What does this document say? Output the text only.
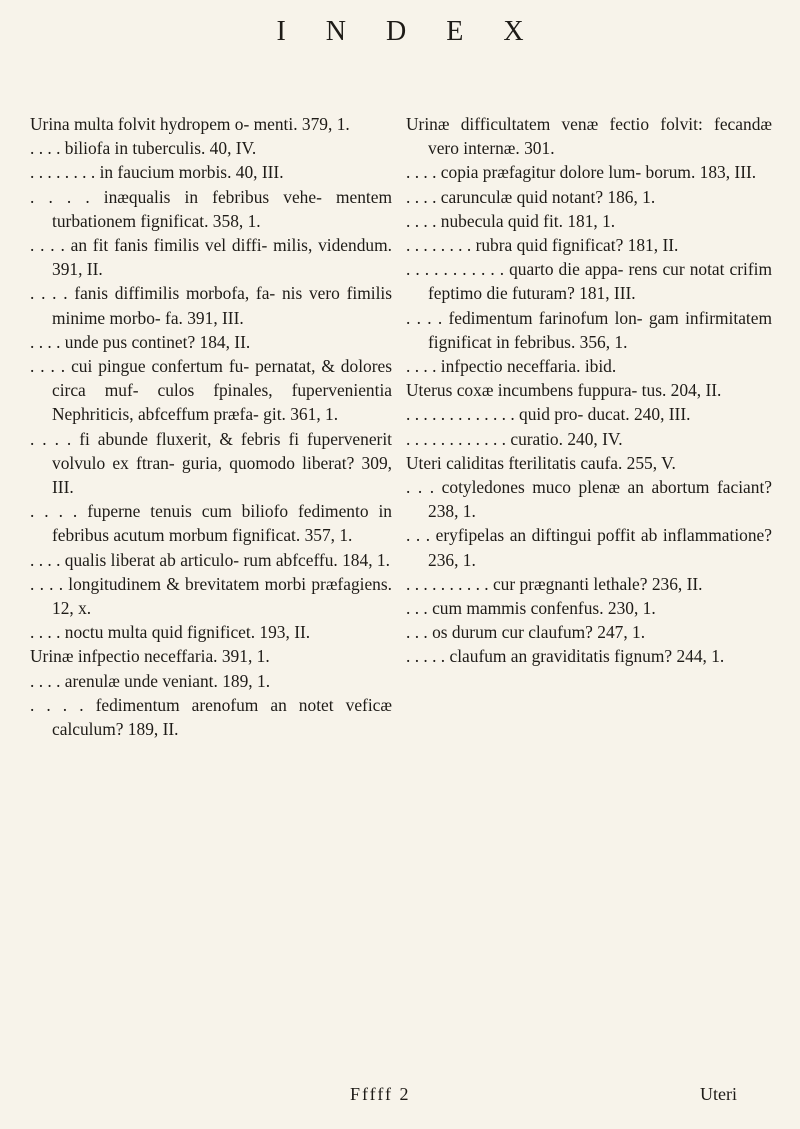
INDEX

Urina multa folvit hydropem o- menti. 379, 1.

. . . . biliofa in tuberculis. 40, IV.

. . . . . . . . in faucium morbis. 40, III.

. . . . inæqualis in febribus vehe- mentem turbationem fignificat. 358, 1.

. . . . an fit fanis fimilis vel diffi- milis, videndum. 391, II.

. . . . fanis diffimilis morbofa, fa- nis vero fimilis minime morbo- fa. 391, III.

. . . . unde pus continet? 184, II.

. . . . cui pingue confertum fu- pernatat, & dolores circa muf- culos fpinales, fupervenientia Nephriticis, abfceffum præfa- git. 361, 1.

. . . . fi abunde fluxerit, & febris fi fupervenerit volvulo ex ftran- guria, quomodo liberat? 309, III.

. . . . fuperne tenuis cum biliofo fedimento in febribus acutum morbum fignificat. 357, 1.

. . . . qualis liberat ab articulo- rum abfceffu. 184, 1.

. . . . longitudinem & brevitatem morbi præfagiens. 12, x.

. . . . noctu multa quid fignificet. 193, II.

Urinæ infpectio neceffaria. 391, 1.

. . . . arenulæ unde veniant. 189, 1.

. . . . fedimentum arenofum an notet veficæ calculum? 189, II.

Urinæ difficultatem venæ fectio folvit: fecandæ vero internæ. 301.

. . . . copia præfagitur dolore lum- borum. 183, III.

. . . . carunculæ quid notant? 186, 1.

. . . . nubecula quid fit. 181, 1.

. . . . . . . . rubra quid fignificat? 181, II.

. . . . . . . . . . . quarto die appa- rens cur notat crifim feptimo die futuram? 181, III.

. . . . fedimentum farinofum lon- gam infirmitatem fignificat in febribus. 356, 1.

. . . . infpectio neceffaria. ibid.

Uterus coxæ incumbens fuppura- tus. 204, II.

. . . . . . . . . . . . . quid pro- ducat. 240, III.

. . . . . . . . . . . . curatio. 240, IV.

Uteri caliditas fterilitatis caufa. 255, V.

. . . cotyledones muco plenæ an abortum faciant? 238, 1.

. . . eryfipelas an diftingui poffit ab inflammatione? 236, 1.

. . . . . . . . . . cur prægnanti lethale? 236, II.

. . . cum mammis confenfus. 230, 1.

. . . os durum cur claufum? 247, 1.

. . . . . claufum an graviditatis fignum? 244, 1.

Fffff 2	Uteri
